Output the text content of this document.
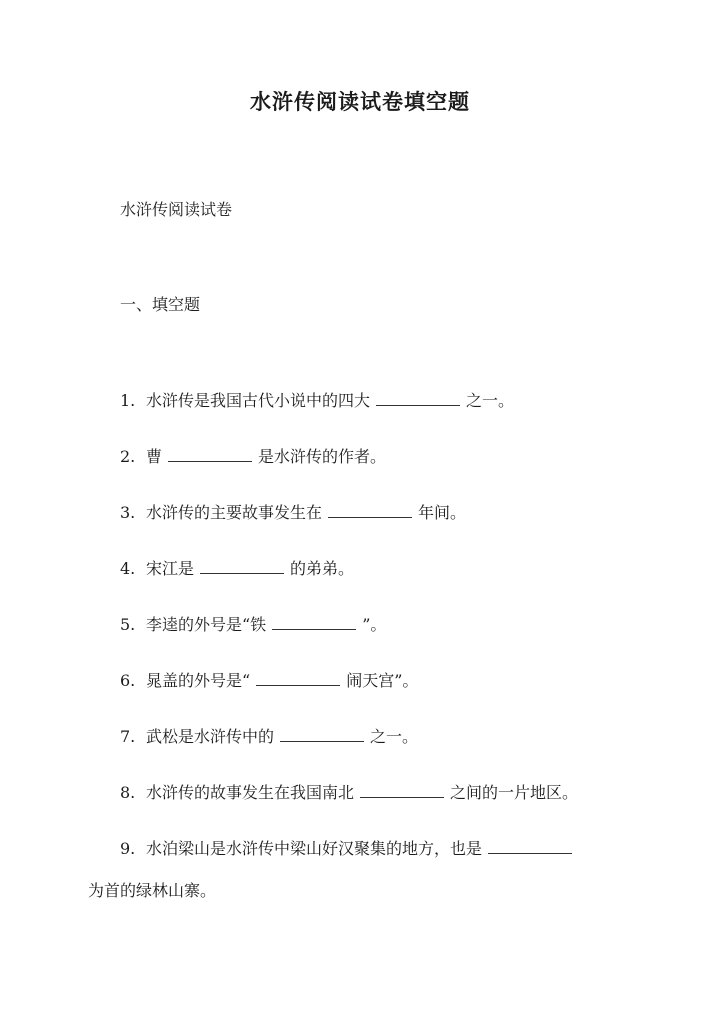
水浒传阅读试卷填空题
水浒传阅读试卷
一、填空题
1. 水浒传是我国古代小说中的四大	之一。
2. 曹	是水浒传的作者。
3. 水浒传的主要故事发生在	年间。
4. 宋江是	的弟弟。
5. 李逵的外号是“铁	”。
6. 晁盖的外号是“	闹天宫”。
7. 武松是水浒传中的	之一。
8. 水浒传的故事发生在我国南北	之间的一片地区。
9. 水泊梁山是水浒传中梁山好汉聚集的地方，也是
为首的绿林山寨。
